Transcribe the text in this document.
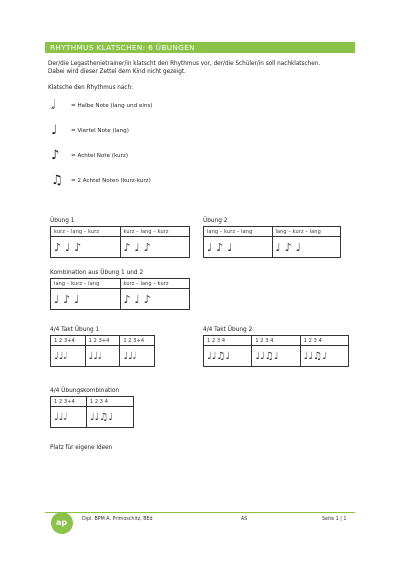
RHYTHMUS KLATSCHEN: 6 ÜBUNGEN
Der/die Legasthenietrainer/in klatscht den Rhythmus vor, der/die Schüler/in soll nachklatschen.
Dabei wird dieser Zettel dem Kind nicht gezeigt.
Klatsche den Rhythmus nach:
𝅗𝅥	= Halbe Note (lang und eins)
♩ = Viertel Note (lang)
♪ = Achtel Note (kurz)
♫ = 2 Achtel Noten (kurz-kurz)
Übung 1
kurz – lang – kurz	kurz – lang – kurz
♪♩♪	♪♩♪
Übung 2
lang – kurz – lang	lang – kurz – lang
♩♪♩	♩♪♩
Kombination aus Übung 1 und 2
lang – kurz – lang	kurz – lang – kurz
♩♪♩	♪♩♪
4/4 Takt Übung 1
1 2 3+4	1 2 3+4	1 2 3+4
♩♩𝅗𝅥	♩♩𝅗𝅥	♩♩𝅗𝅥
4/4 Takt Übung 2
1 2 3 4	1 2 3 4	1 2 3 4
♩♩♫♩	♩♩♫♩	♩♩♫♩
4/4 Übungskombination
1 2 3+4	1 2 3 4
♩♩𝅗𝅥	♩♩♫♩
Platz für eigene Ideen
ap	Dipl. BPM A. Primoschitz, BEd	AS	Seite 1 | 1
